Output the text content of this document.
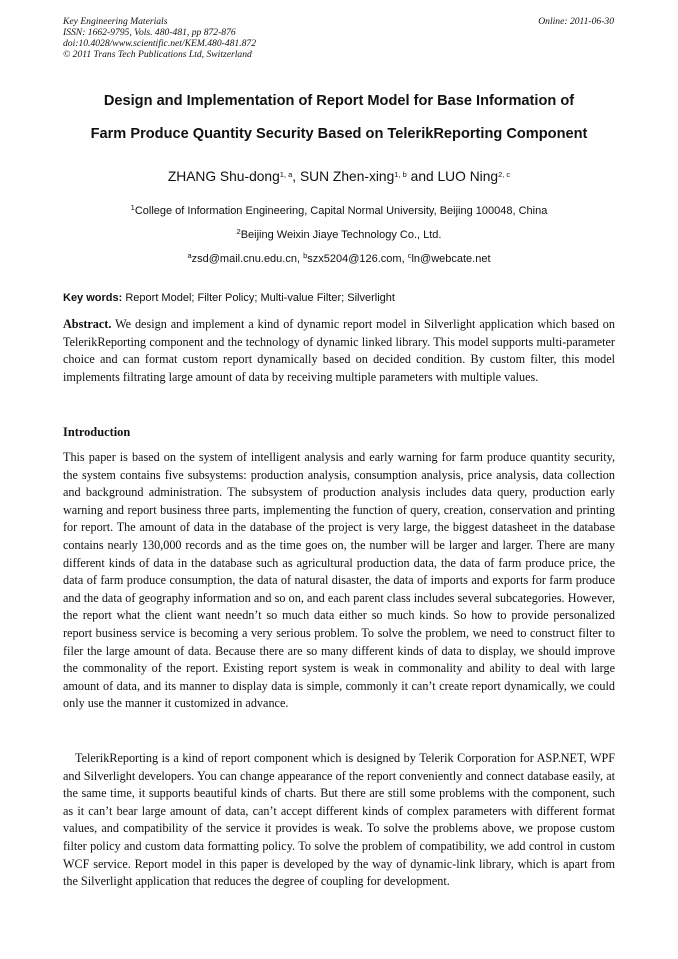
Key Engineering Materials
ISSN: 1662-9795, Vols. 480-481, pp 872-876
doi:10.4028/www.scientific.net/KEM.480-481.872
© 2011 Trans Tech Publications Ltd, Switzerland
Online: 2011-06-30
Design and Implementation of Report Model for Base Information of
Farm Produce Quantity Security Based on TelerikReporting Component
ZHANG Shu-dong$^{1, a}$, SUN Zhen-xing$^{1, b}$ and LUO Ning$^{2, c}$
$^1$College of Information Engineering, Capital Normal University, Beijing 100048, China
$^2$Beijing Weixin Jiaye Technology Co., Ltd.
$^a$zsd@mail.cnu.edu.cn, $^b$szx5204@126.com, $^c$ln@webcate.net
Key words: Report Model; Filter Policy; Multi-value Filter; Silverlight
Abstract. We design and implement a kind of dynamic report model in Silverlight application which based on TelerikReporting component and the technology of dynamic linked library. This model supports multi-parameter choice and can format custom report dynamically based on decided condition. By custom filter, this model implements filtrating large amount of data by receiving multiple parameters with multiple values.
Introduction
This paper is based on the system of intelligent analysis and early warning for farm produce quantity security, the system contains five subsystems: production analysis, consumption analysis, price analysis, data collection and background administration. The subsystem of production analysis includes data query, production early warning and report business three parts, implementing the function of query, creation, conservation and printing for report. The amount of data in the database of the project is very large, the biggest datasheet in the database contains nearly 130,000 records and as the time goes on, the number will be larger and larger. There are many different kinds of data in the database such as agricultural production data, the data of farm produce price, the data of farm produce consumption, the data of natural disaster, the data of imports and exports for farm produce and the data of geography information and so on, and each parent class includes several subcategories. However, the report what the client want needn’t so much data either so much kinds. So how to provide personalized report business service is becoming a very serious problem. To solve the problem, we need to construct filter to filer the large amount of data. Because there are so many different kinds of data to display, we should improve the commonality of the report. Existing report system is weak in commonality and ability to deal with large amount of data, and its manner to display data is simple, commonly it can’t create report dynamically, we could only use the manner it customized in advance.
TelerikReporting is a kind of report component which is designed by Telerik Corporation for ASP.NET, WPF and Silverlight developers. You can change appearance of the report conveniently and connect database easily, at the same time, it supports beautiful kinds of charts. But there are still some problems with the component, such as it can’t bear large amount of data, can’t accept different kinds of complex parameters with different format values, and compatibility of the service it provides is weak. To solve the problems above, we propose custom filter policy and custom data formatting policy. To solve the problem of compatibility, we add control in custom WCF service. Report model in this paper is developed by the way of dynamic-link library, which is apart from the Silverlight application that reduces the degree of coupling for development.
